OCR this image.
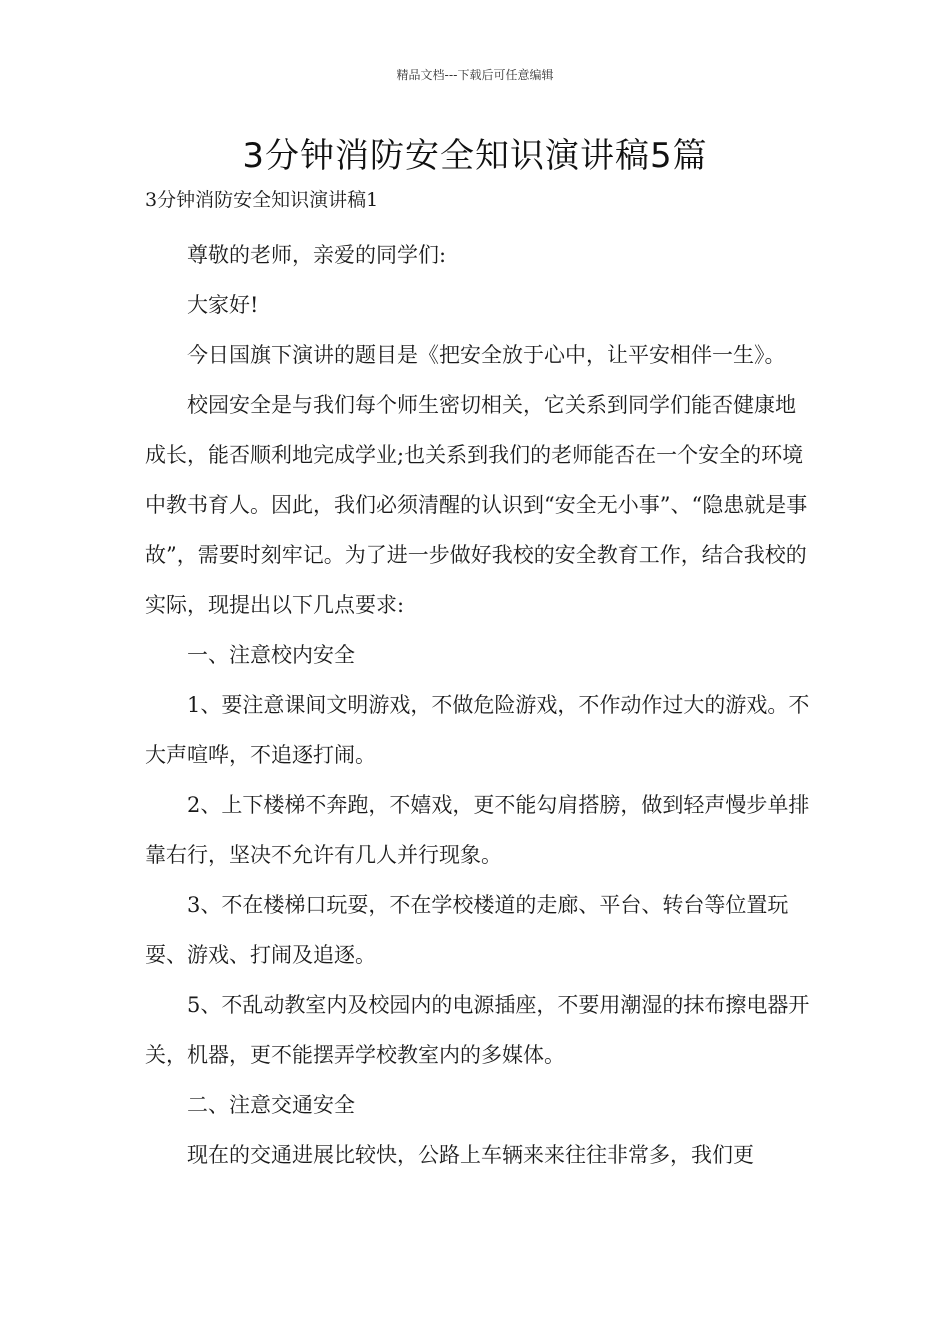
精品文档---下载后可任意编辑
3分钟消防安全知识演讲稿5篇

3分钟消防安全知识演讲稿1

尊敬的老师，亲爱的同学们:

大家好!

今日国旗下演讲的题目是《把安全放于心中，让平安相伴一生》。

校园安全是与我们每个师生密切相关，它关系到同学们能否健康地成长，能否顺利地完成学业;也关系到我们的老师能否在一个安全的环境中教书育人。因此，我们必须清醒的认识到“安全无小事”、“隐患就是事故”，需要时刻牢记。为了进一步做好我校的安全教育工作，结合我校的实际，现提出以下几点要求:

一、注意校内安全

1、要注意课间文明游戏，不做危险游戏，不作动作过大的游戏。不大声喧哗，不追逐打闹。

2、上下楼梯不奔跑，不嬉戏，更不能勾肩搭膀，做到轻声慢步单排靠右行，坚决不允许有几人并行现象。

3、不在楼梯口玩耍，不在学校楼道的走廊、平台、转台等位置玩耍、游戏、打闹及追逐。

5、不乱动教室内及校园内的电源插座，不要用潮湿的抹布擦电器开关，机器，更不能摆弄学校教室内的多媒体。

二、注意交通安全

现在的交通进展比较快，公路上车辆来来往往非常多，我们更
